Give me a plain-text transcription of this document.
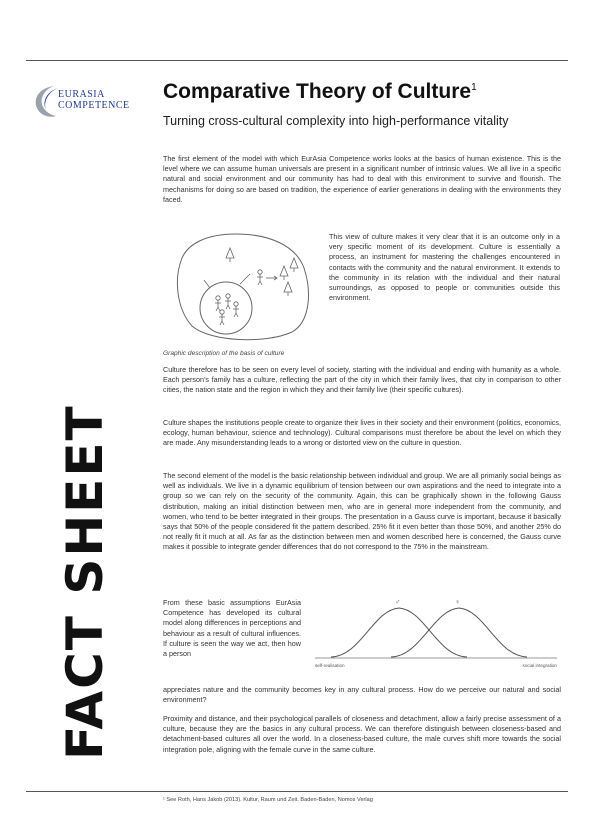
EURASIA
COMPETENCE
Comparative Theory of Culture$^1$
Turning cross-cultural complexity into high-performance vitality
FACT SHEET

The first element of the model with which EurAsia Competence works looks at the basics of human existence. This is the level where we can assume human universals are present in a significant number of intrinsic values. We all live in a specific natural and social environment and our community has had to deal with this environment to survive and flourish. The mechanisms for doing so are based on tradition, the experience of earlier generations in dealing with the environments they faced.

This view of culture makes it very clear that it is an outcome only in a very specific moment of its development. Culture is essentially a process, an instrument for mastering the challenges encountered in contacts with the community and the natural environment. It extends to the community in its relation with the individual and their natural surroundings, as opposed to people or communities outside this environment.

Graphic description of the basis of culture

Culture therefore has to be seen on every level of society, starting with the individual and ending with humanity as a whole. Each person’s family has a culture, reflecting the part of the city in which their family lives, that city in comparison to other cities, the nation state and the region in which they and their family live (their specific cultures).

Culture shapes the institutions people create to organize their lives in their society and their environment (politics, economics, ecology, human behaviour, science and technology). Cultural comparisons must therefore be about the level on which they are made. Any misunderstanding leads to a wrong or distorted view on the culture in question.

The second element of the model is the basic relationship between individual and group. We are all primarily social beings as well as individuals. We live in a dynamic equilibrium of tension between our own aspirations and the need to integrate into a group so we can rely on the security of the community. Again, this can be graphically shown in the following Gauss distribution, making an initial distinction between men, who are in general more independent from the community, and women, who tend to be better integrated in their groups. The presentation in a Gauss curve is important, because it basically says that 50% of the people considered fit the pattern described. 25% fit it even better than those 50%, and another 25% do not really fit it much at all. As far as the distinction between men and women described here is concerned, the Gauss curve makes it possible to integrate gender differences that do not correspond to the 75% in the mainstream.

From these basic assumptions EurAsia Competence has developed its cultural model along differences in perceptions and behaviour as a result of cultural influences. If culture is seen the way we act, then how a person

♂	♀
self-realisation	social integration

appreciates nature and the community becomes key in any cultural process. How do we perceive our natural and social environment?

Proximity and distance, and their psychological parallels of closeness and detachment, allow a fairly precise assessment of a culture, because they are the basics in any cultural process. We can therefore distinguish between closeness-based and detachment-based cultures all over the world. In a closeness-based culture, the male curves shift more towards the social integration pole, aligning with the female curve in the same culture.

¹ See Roth, Hans Jakob (2013). Kultur, Raum und Zeit. Baden-Baden, Nomos Verlag
